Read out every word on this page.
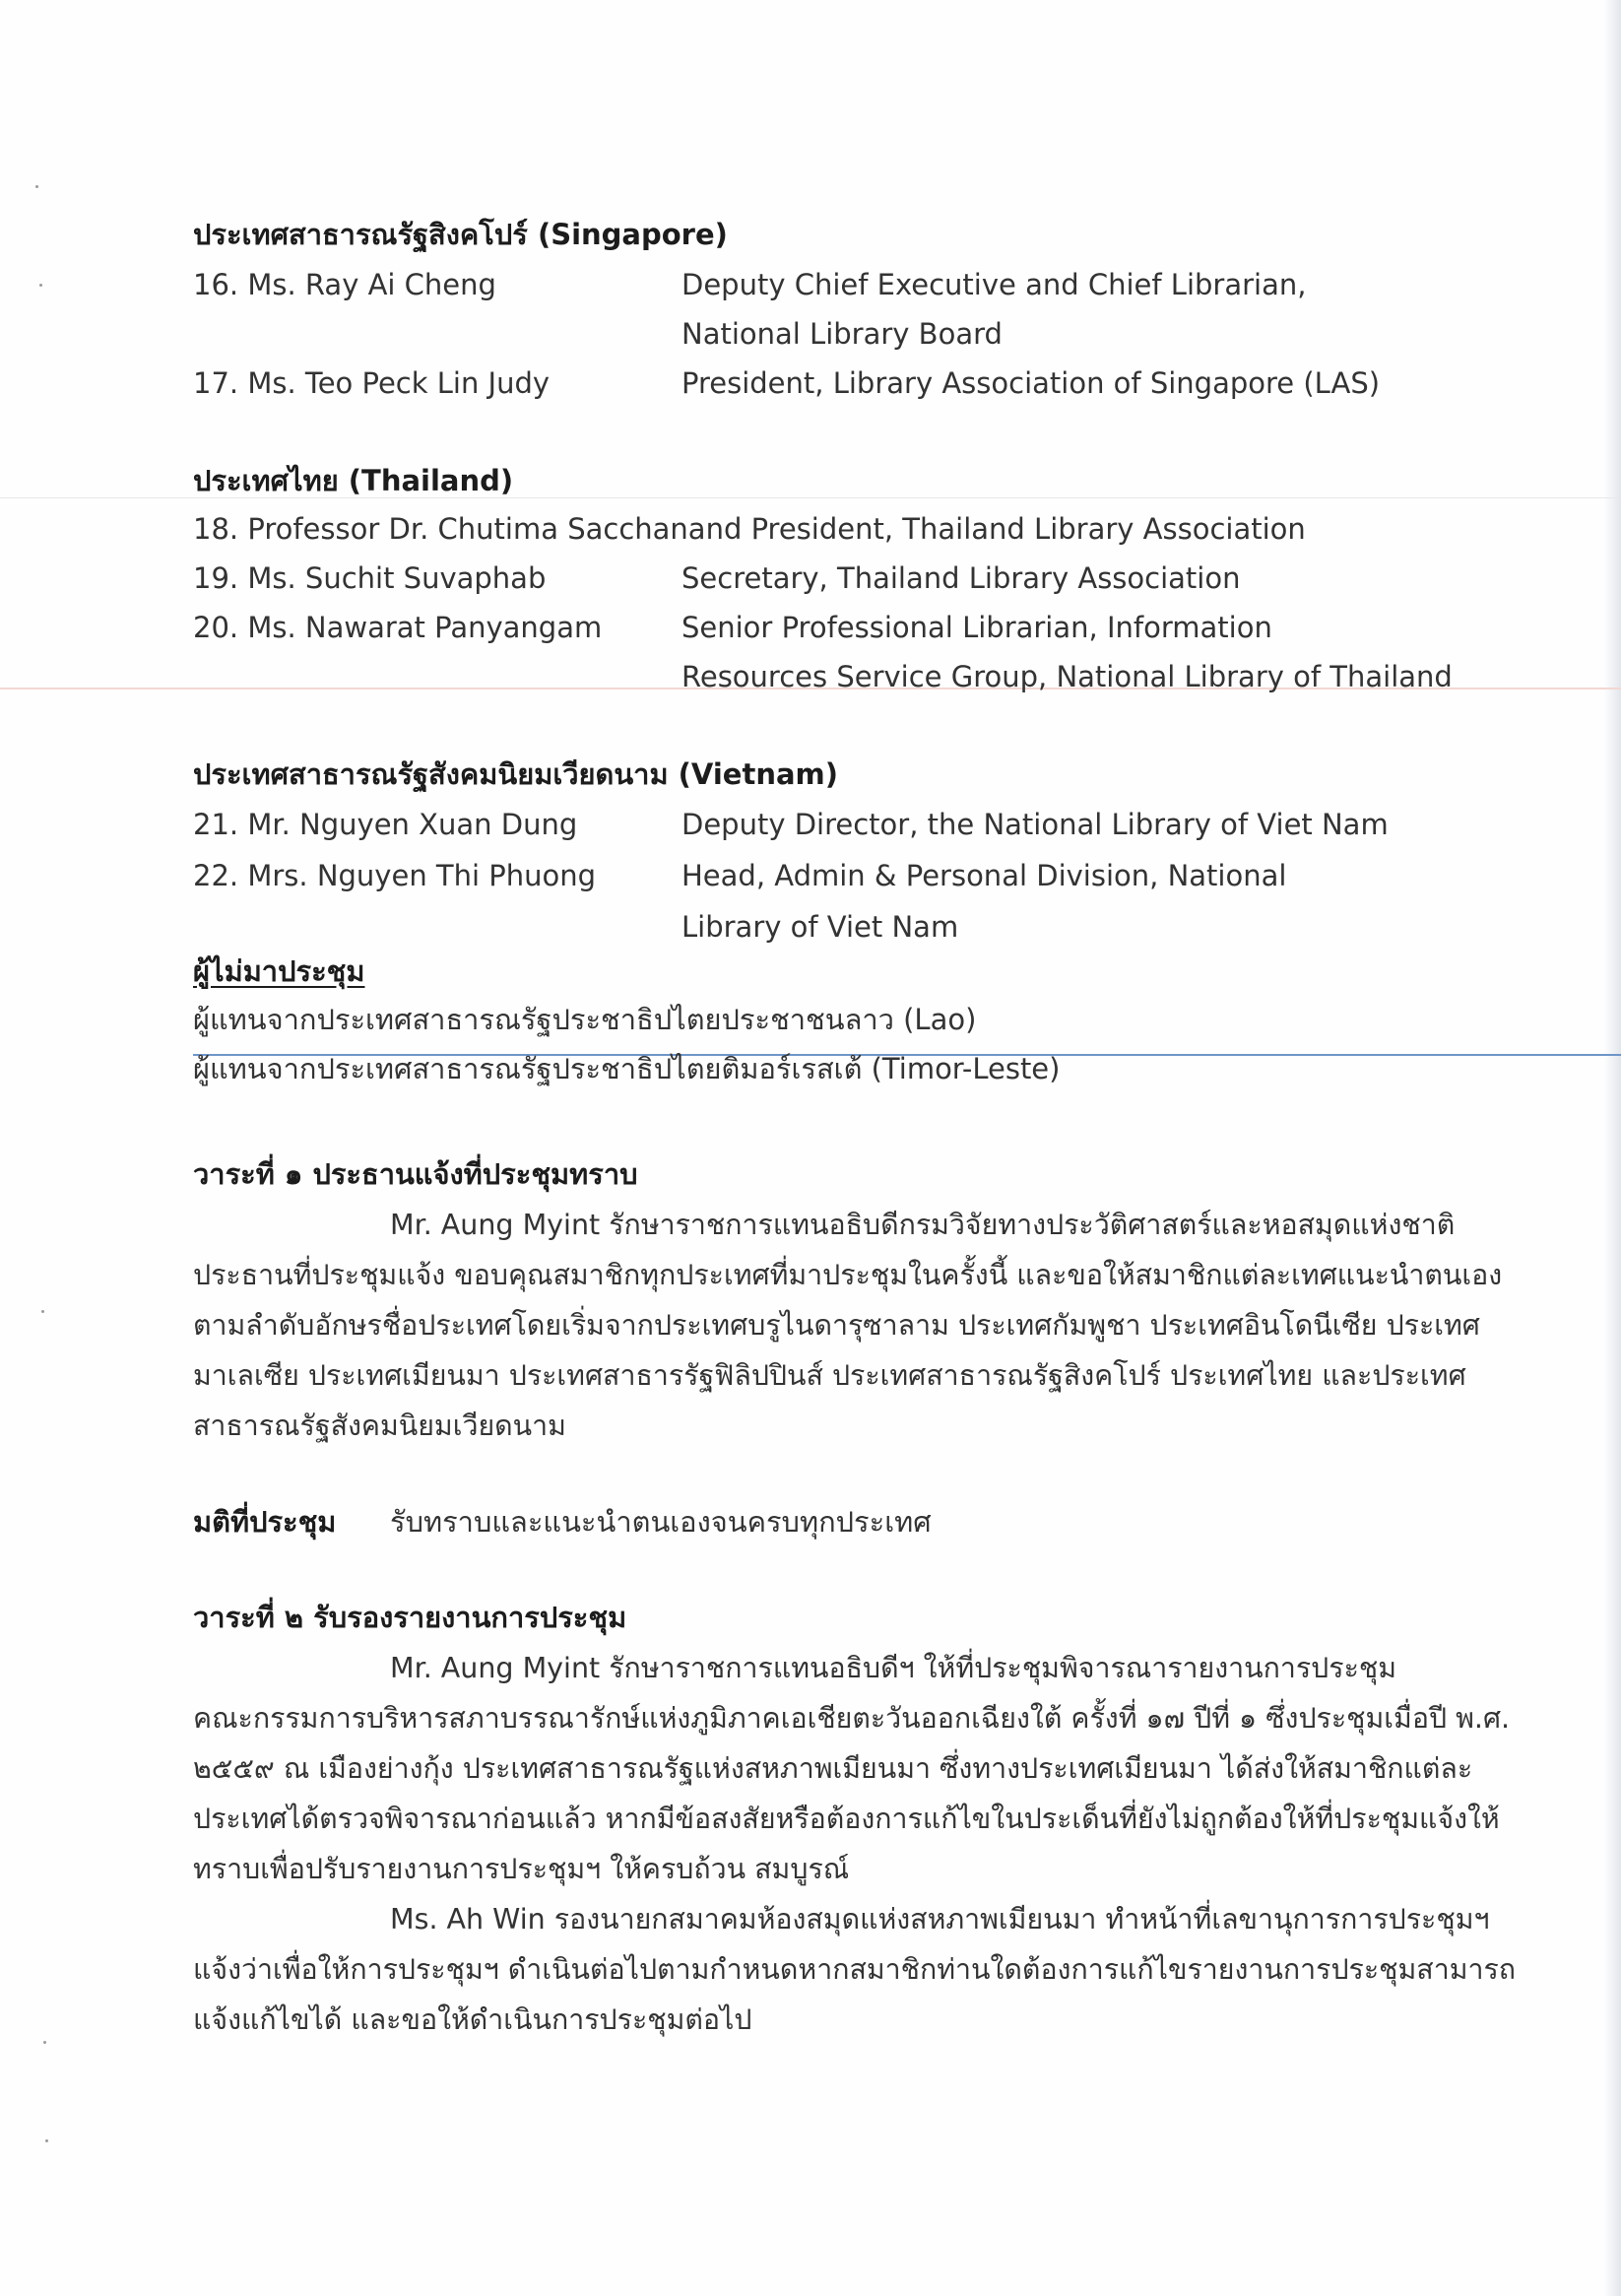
ประเทศสาธารณรัฐสิงคโปร์ (Singapore)
16. Ms. Ray Ai Cheng	Deputy Chief Executive and Chief Librarian,
National Library Board
17. Ms. Teo Peck Lin Judy	President, Library Association of Singapore (LAS)
ประเทศไทย (Thailand)
18. Professor Dr. Chutima Sacchanand President, Thailand Library Association
19. Ms. Suchit Suvaphab	Secretary, Thailand Library Association
20. Ms. Nawarat Panyangam	Senior Professional Librarian, Information
Resources Service Group, National Library of Thailand
ประเทศสาธารณรัฐสังคมนิยมเวียดนาม (Vietnam)
21. Mr. Nguyen Xuan Dung	Deputy Director, the National Library of Viet Nam
22. Mrs. Nguyen Thi Phuong	Head, Admin & Personal Division, National
Library of Viet Nam
ผู้ไม่มาประชุม
ผู้แทนจากประเทศสาธารณรัฐประชาธิปไตยประชาชนลาว (Lao)
ผู้แทนจากประเทศสาธารณรัฐประชาธิปไตยติมอร์เรสเต้ (Timor-Leste)
วาระที่ ๑ ประธานแจ้งที่ประชุมทราบ
Mr. Aung Myint รักษาราชการแทนอธิบดีกรมวิจัยทางประวัติศาสตร์และหอสมุดแห่งชาติ
ประธานที่ประชุมแจ้ง ขอบคุณสมาชิกทุกประเทศที่มาประชุมในครั้งนี้ และขอให้สมาชิกแต่ละเทศแนะนำตนเอง
ตามลำดับอักษรชื่อประเทศโดยเริ่มจากประเทศบรูไนดารุซาลาม ประเทศกัมพูชา ประเทศอินโดนีเซีย ประเทศ
มาเลเซีย ประเทศเมียนมา ประเทศสาธารรัฐฟิลิปปินส์ ประเทศสาธารณรัฐสิงคโปร์ ประเทศไทย และประเทศ
สาธารณรัฐสังคมนิยมเวียดนาม
มติที่ประชุม รับทราบและแนะนำตนเองจนครบทุกประเทศ
วาระที่ ๒ รับรองรายงานการประชุม
Mr. Aung Myint รักษาราชการแทนอธิบดีฯ ให้ที่ประชุมพิจารณารายงานการประชุม
คณะกรรมการบริหารสภาบรรณารักษ์แห่งภูมิภาคเอเชียตะวันออกเฉียงใต้ ครั้งที่ ๑๗ ปีที่ ๑ ซึ่งประชุมเมื่อปี พ.ศ.
๒๕๕๙ ณ เมืองย่างกุ้ง ประเทศสาธารณรัฐแห่งสหภาพเมียนมา ซึ่งทางประเทศเมียนมา ได้ส่งให้สมาชิกแต่ละ
ประเทศได้ตรวจพิจารณาก่อนแล้ว หากมีข้อสงสัยหรือต้องการแก้ไขในประเด็นที่ยังไม่ถูกต้องให้ที่ประชุมแจ้งให้
ทราบเพื่อปรับรายงานการประชุมฯ ให้ครบถ้วน สมบูรณ์
Ms. Ah Win รองนายกสมาคมห้องสมุดแห่งสหภาพเมียนมา ทำหน้าที่เลขานุการการประชุมฯ
แจ้งว่าเพื่อให้การประชุมฯ ดำเนินต่อไปตามกำหนดหากสมาชิกท่านใดต้องการแก้ไขรายงานการประชุมสามารถ
แจ้งแก้ไขได้ และขอให้ดำเนินการประชุมต่อไป
